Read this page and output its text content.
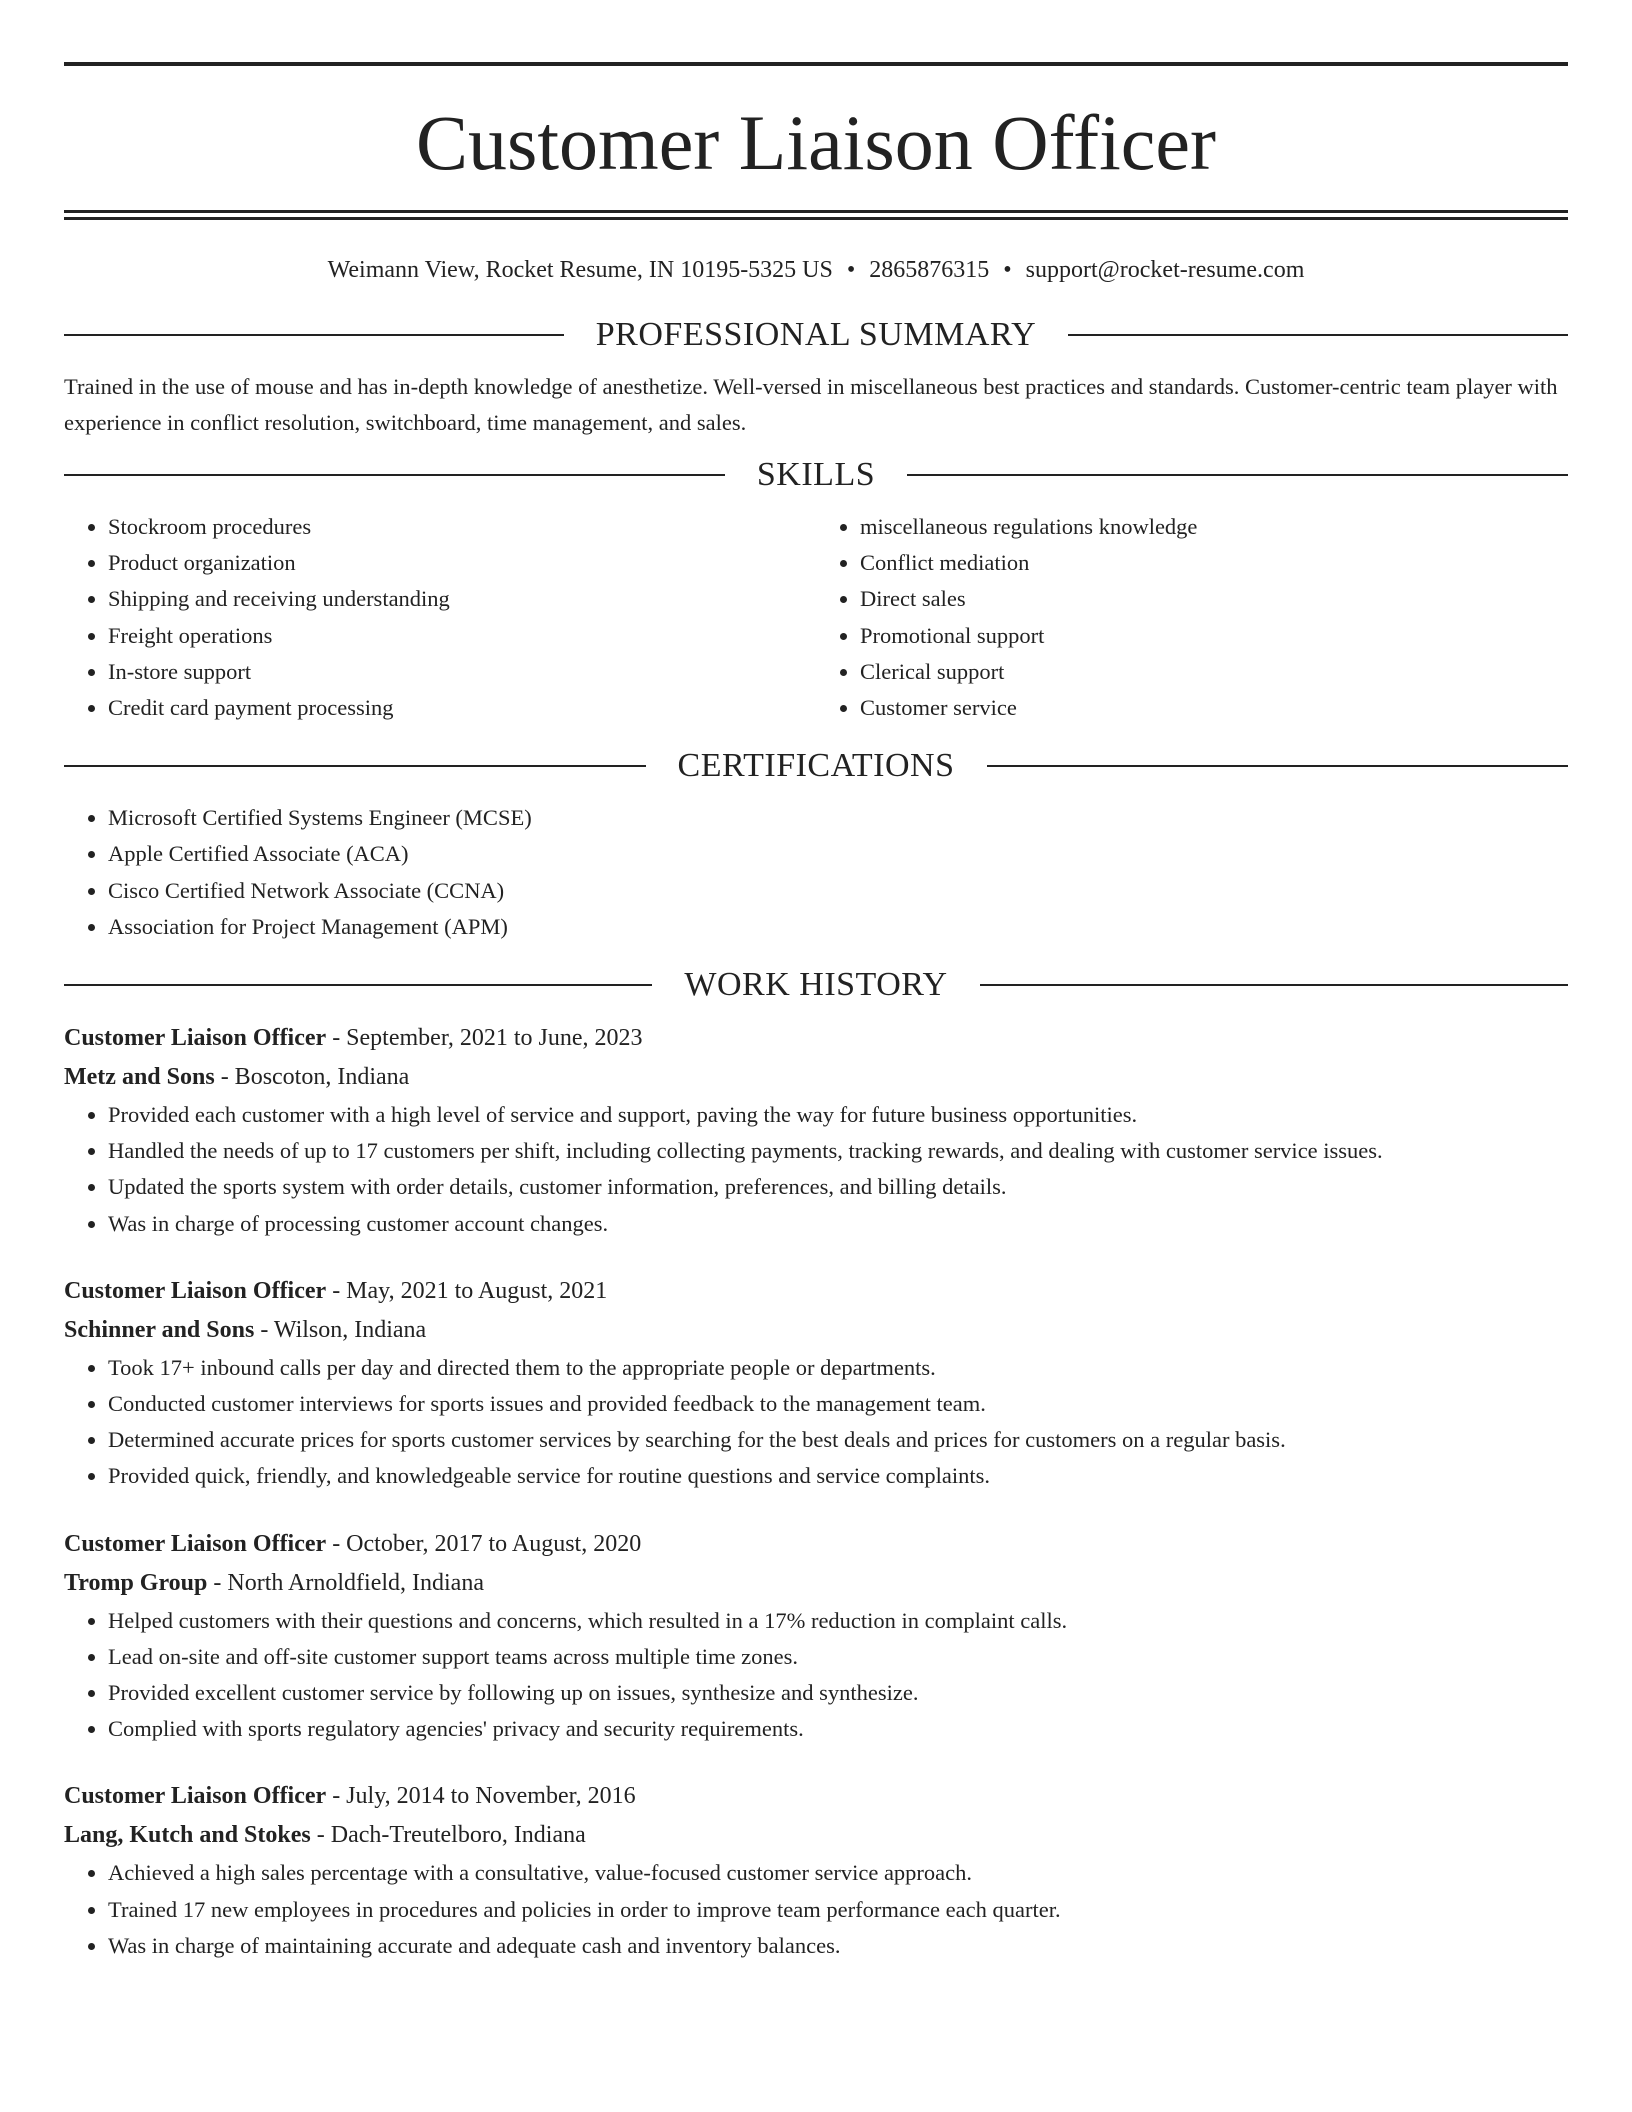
Customer Liaison Officer
Weimann View, Rocket Resume, IN 10195-5325 US • 2865876315 • support@rocket-resume.com
PROFESSIONAL SUMMARY

Trained in the use of mouse and has in-depth knowledge of anesthetize. Well-versed in miscellaneous best practices and standards. Customer-centric team player with experience in conflict resolution, switchboard, time management, and sales.

SKILLS
• Stockroom procedures
• Product organization
• Shipping and receiving understanding
• Freight operations
• In-store support
• Credit card payment processing
• miscellaneous regulations knowledge
• Conflict mediation
• Direct sales
• Promotional support
• Clerical support
• Customer service
CERTIFICATIONS
• Microsoft Certified Systems Engineer (MCSE)
• Apple Certified Associate (ACA)
• Cisco Certified Network Associate (CCNA)
• Association for Project Management (APM)
WORK HISTORY
Customer Liaison Officer - September, 2021 to June, 2023
Metz and Sons - Boscoton, Indiana
• Provided each customer with a high level of service and support, paving the way for future business opportunities.
• Handled the needs of up to 17 customers per shift, including collecting payments, tracking rewards, and dealing with customer service issues.
• Updated the sports system with order details, customer information, preferences, and billing details.
• Was in charge of processing customer account changes.
Customer Liaison Officer - May, 2021 to August, 2021
Schinner and Sons - Wilson, Indiana
• Took 17+ inbound calls per day and directed them to the appropriate people or departments.
• Conducted customer interviews for sports issues and provided feedback to the management team.
• Determined accurate prices for sports customer services by searching for the best deals and prices for customers on a regular basis.
• Provided quick, friendly, and knowledgeable service for routine questions and service complaints.
Customer Liaison Officer - October, 2017 to August, 2020
Tromp Group - North Arnoldfield, Indiana
• Helped customers with their questions and concerns, which resulted in a 17% reduction in complaint calls.
• Lead on-site and off-site customer support teams across multiple time zones.
• Provided excellent customer service by following up on issues, synthesize and synthesize.
• Complied with sports regulatory agencies' privacy and security requirements.
Customer Liaison Officer - July, 2014 to November, 2016
Lang, Kutch and Stokes - Dach-Treutelboro, Indiana
• Achieved a high sales percentage with a consultative, value-focused customer service approach.
• Trained 17 new employees in procedures and policies in order to improve team performance each quarter.
• Was in charge of maintaining accurate and adequate cash and inventory balances.
